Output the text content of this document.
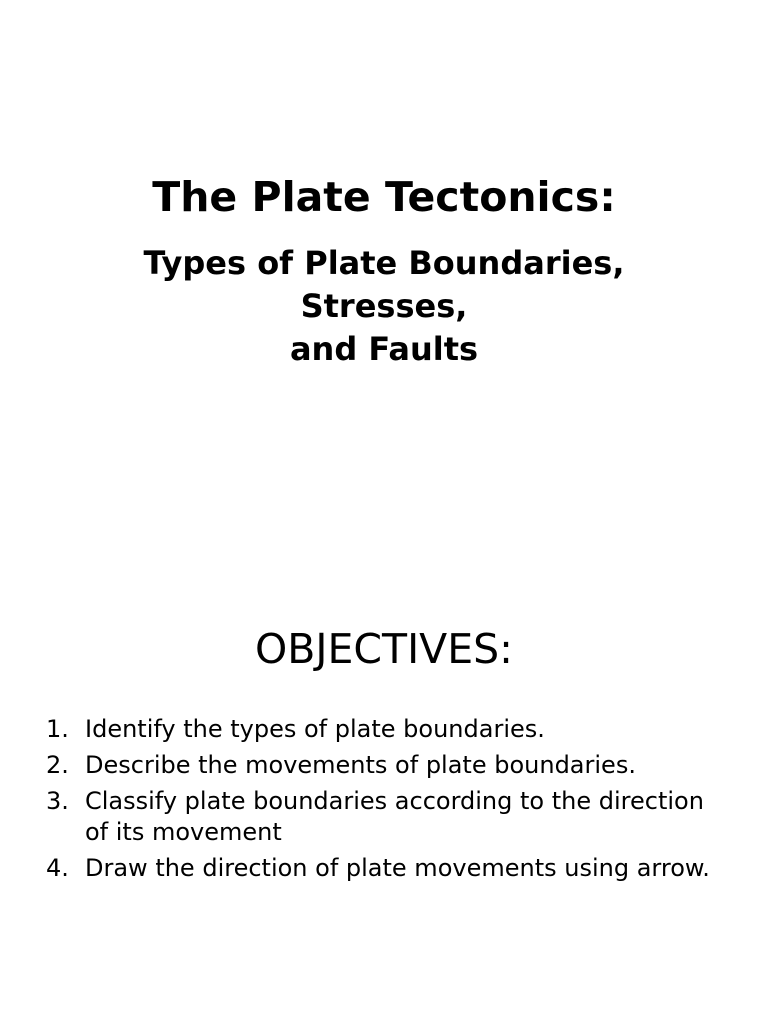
The Plate Tectonics:
Types of Plate Boundaries,
Stresses,
and Faults
OBJECTIVES:
1. Identify the types of plate boundaries.
2. Describe the movements of plate boundaries.
3. Classify plate boundaries according to the direction of its movement
4. Draw the direction of plate movements using arrow.
